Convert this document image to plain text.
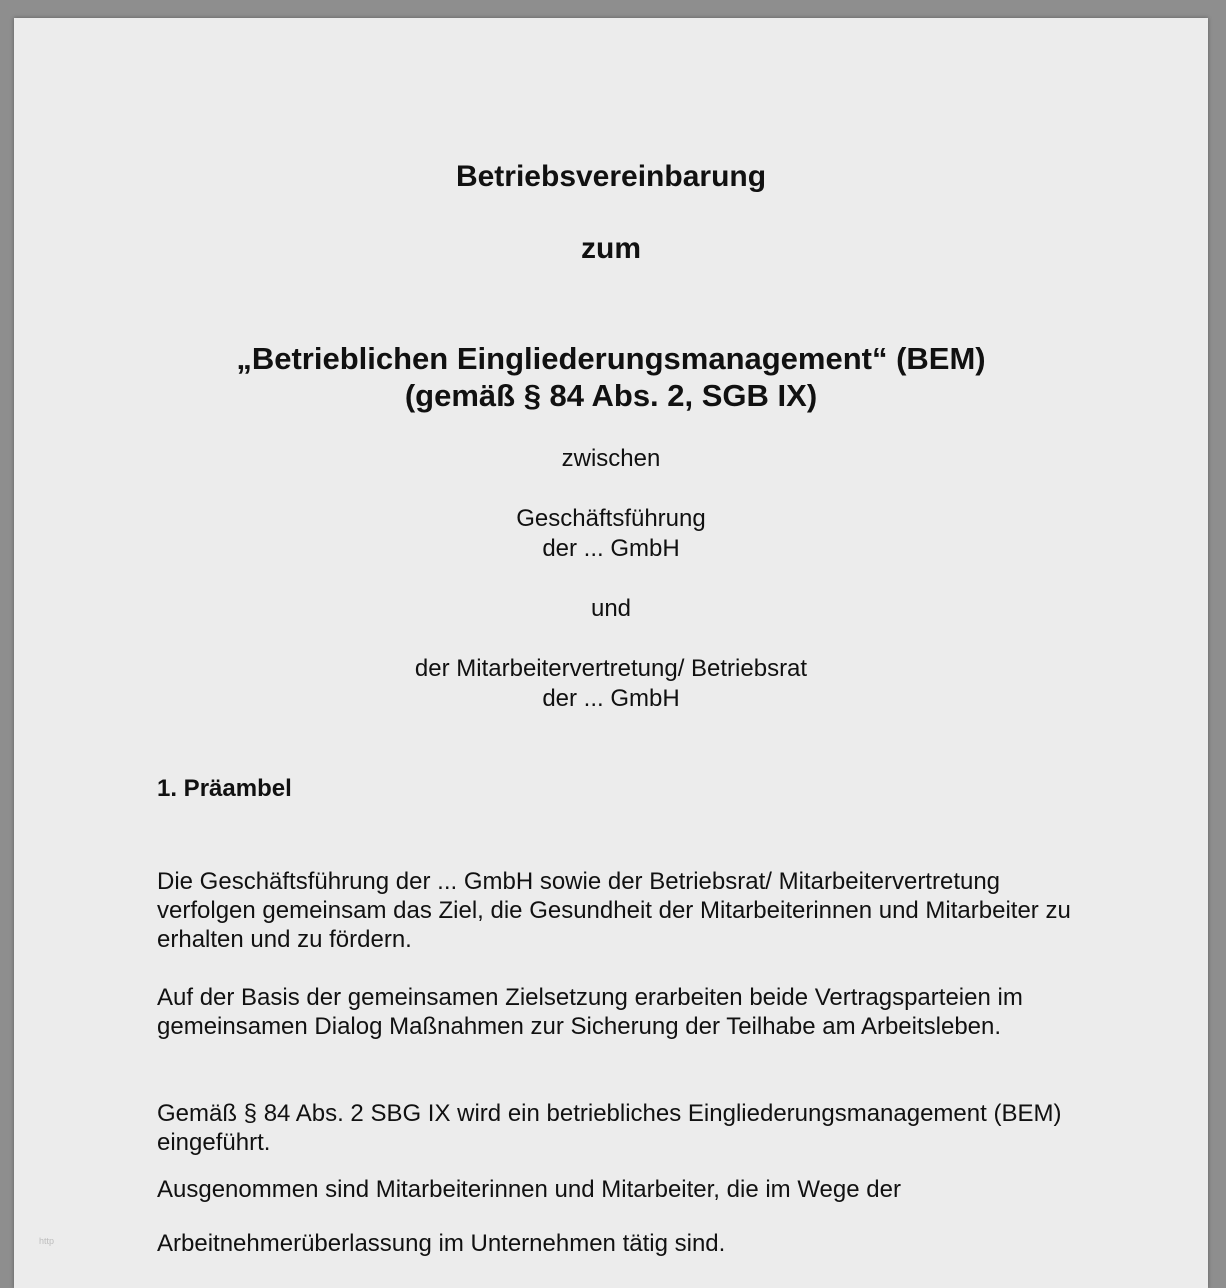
Betriebsvereinbarung
zum
„Betrieblichen Eingliederungsmanagement“ (BEM)
(gemäß § 84 Abs. 2, SGB IX)
zwischen
Geschäftsführung
der ... GmbH
und
der Mitarbeitervertretung/ Betriebsrat
der ... GmbH
1. Präambel
Die Geschäftsführung der ... GmbH sowie der Betriebsrat/ Mitarbeitervertretung verfolgen gemeinsam das Ziel, die Gesundheit der Mitarbeiterinnen und Mitarbeiter zu erhalten und zu fördern.
Auf der Basis der gemeinsamen Zielsetzung erarbeiten beide Vertragsparteien im gemeinsamen Dialog Maßnahmen zur Sicherung der Teilhabe am Arbeitsleben.
Gemäß § 84 Abs. 2 SBG IX wird ein betriebliches Eingliederungsmanagement (BEM) eingeführt.
Ausgenommen sind Mitarbeiterinnen und Mitarbeiter, die im Wege der
Arbeitnehmerüberlassung im Unternehmen tätig sind.
http
